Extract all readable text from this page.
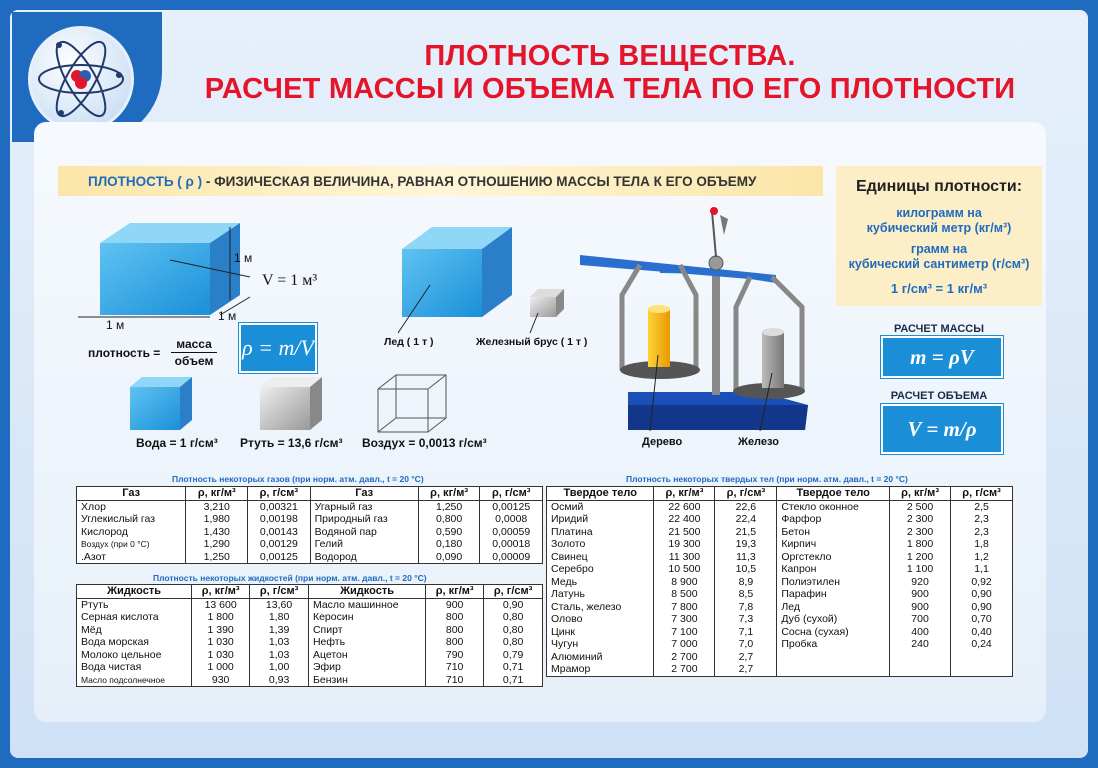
ПЛОТНОСТЬ ВЕЩЕСТВА.
РАСЧЕТ МАССЫ И ОБЪЕМА ТЕЛА ПО ЕГО ПЛОТНОСТИ
ПЛОТНОСТЬ ( ρ ) - ФИЗИЧЕСКАЯ ВЕЛИЧИНА, РАВНАЯ ОТНОШЕНИЮ МАССЫ ТЕЛА К ЕГО ОБЪЕМУ
1 м
1 м
1 м
V = 1 м³
плотность =
масса
объем
ρ = m/V	Лед ( 1 т )	Железный брус ( 1 т )
Вода = 1 г/см³ Ртуть = 13,6 г/см³ Воздух = 0,0013 г/см³	Дерево	Железо
Единицы плотности:
килограмм на
кубический метр (кг/м³)
грамм на
кубический сантиметр (г/см³)
1 г/см³ = 1 кг/м³
РАСЧЕТ МАССЫ
m = ρV
РАСЧЕТ ОБЪЕМА
V = m/ρ
Плотность некоторых газов (при норм. атм. давл., t = 20 °C)
Плотность некоторых жидкостей (при норм. атм. давл., t = 20 °C)
Плотность некоторых твердых тел (при норм. атм. давл., t = 20 °C)
Газ	ρ, кг/м³	ρ, г/см³	Газ	ρ, кг/м³	ρ, г/см³
Хлор	3,210	0,00321	Угарный газ	1,250	0,00125
Углекислый газ	1,980	0,00198	Природный газ	0,800	0,0008
Кислород	1,430	0,00143	Водяной пар	0,590	0,00059
Воздух (при 0 °C)	1,290	0,00129	Гелий	0,180	0,00018
.Азот	1,250	0,00125	Водород	0,090	0,00009
Жидкость	ρ, кг/м³	ρ, г/см³	Жидкость	ρ, кг/м³	ρ, г/см³
Ртуть	13 600	13,60	Масло машинное	900	0,90
Серная кислота	1 800	1,80	Керосин	800	0,80
Мёд	1 390	1,39	Спирт	800	0,80
Вода морская	1 030	1,03	Нефть	800	0,80
Молоко цельное	1 030	1,03	Ацетон	790	0,79
Вода чистая	1 000	1,00	Эфир	710	0,71
Масло подсолнечное	930	0,93	Бензин	710	0,71
Твердое тело	ρ, кг/м³	ρ, г/см³	Твердое тело	ρ, кг/м³	ρ, г/см³
Осмий	22 600	22,6	Стекло оконное	2 500	2,5
Иридий	22 400	22,4	Фарфор	2 300	2,3
Платина	21 500	21,5	Бетон	2 300	2,3
Золото	19 300	19,3	Кирпич	1 800	1,8
Свинец	11 300	11,3	Оргстекло	1 200	1,2
Серебро	10 500	10,5	Капрон	1 100	1,1
Медь	8 900	8,9	Полиэтилен	920	0,92
Латунь	8 500	8,5	Парафин	900	0,90
Сталь, железо	7 800	7,8	Лед	900	0,90
Олово	7 300	7,3	Дуб (сухой)	700	0,70
Цинк	7 100	7,1	Сосна (сухая)	400	0,40
Чугун	7 000	7,0	Пробка	240	0,24
Алюминий	2 700	2,7			
Мрамор	2 700	2,7			
